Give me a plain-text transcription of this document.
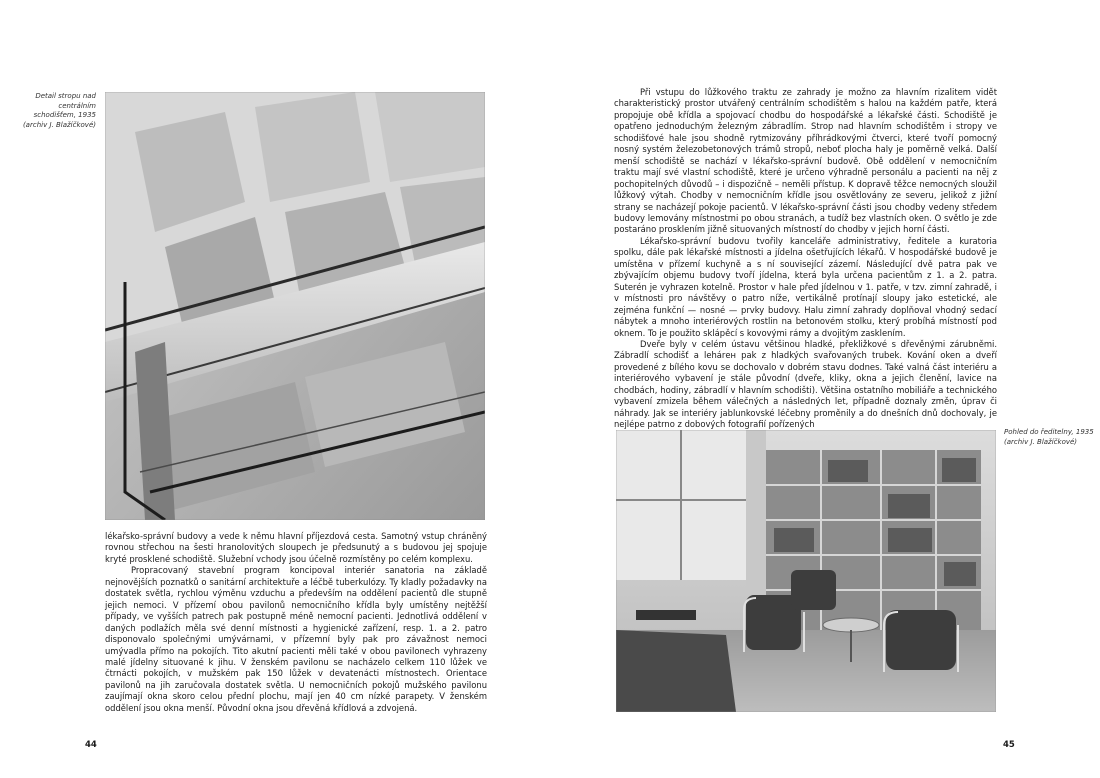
Detail stropu nad centrálním
schodišťem, 1935
(archiv J. Blažíčkové)

lékařsko-správní budovy a vede k němu hlavní příjezdová cesta. Samotný vstup chráněný rovnou střechou na šesti hranolovitých sloupech je předsunutý a s budovou jej spojuje kryté prosklené schodiště. Služební vchody jsou účelně rozmístěny po celém komplexu.

Propracovaný stavební program koncipoval interiér sanatoria na základě nejnovějších poznatků o sanitární architektuře a léčbě tuberkulózy. Ty kladly požadavky na dostatek světla, rychlou výměnu vzduchu a především na oddělení pacientů dle stupně jejich nemoci. V přízemí obou pavilonů nemocničního křídla byly umístěny nejtěžší případy, ve vyšších patrech pak postupně méně nemocní pacienti. Jednotlivá oddělení v daných podlažích měla své denní místnosti a hygienické zařízení, resp. 1. a 2. patro disponovalo společnými umývárnami, v přízemní byly pak pro závažnost nemoci umývadla přímo na pokojích. Tito akutní pacienti měli také v obou pavilonech vyhrazeny malé jídelny situované k jihu. V ženském pavilonu se nacházelo celkem 110 lůžek ve čtrnácti pokojích, v mužském pak 150 lůžek v devatenácti místnostech. Orientace pavilonů na jih zaručovala dostatek světla. U nemocničních pokojů mužského pavilonu zaujímají okna skoro celou přední plochu, mají jen 40 cm nízké parapety. V ženském oddělení jsou okna menší. Původní okna jsou dřevěná křídlová a zdvojená.

44

Při vstupu do lůžkového traktu ze zahrady je možno za hlavním rizalitem vidět charakteristický prostor utvářený centrálním schodištěm s halou na každém patře, která propojuje obě křídla a spojovací chodbu do hospodářské a lékařské části. Schodiště je opatřeno jednoduchým železným zábradlím. Strop nad hlavním schodištěm i stropy ve schodišťové hale jsou shodně rytmizovány příhrádkovými čtverci, které tvoří pomocný nosný systém železobetonových trámů stropů, neboť plocha haly je poměrně velká. Další menší schodiště se nachází v lékařsko-správní budově. Obě oddělení v nemocničním traktu mají své vlastní schodiště, které je určeno výhradně personálu a pacienti na něj z pochopitelných důvodů – i dispozičně – neměli přístup. K dopravě těžce nemocných sloužil lůžkový výtah. Chodby v nemocničním křídle jsou osvětlovány ze severu, jelikož z jižní strany se nacházejí pokoje pacientů. V lékařsko-správní části jsou chodby vedeny středem budovy lemovány místnostmi po obou stranách, a tudíž bez vlastních oken. O světlo je zde postaráno prosklením jižně situovaných místností do chodby v jejich horní části.

Lékařsko-správní budovu tvořily kanceláře administrativy, ředitele a kuratoria spolku, dále pak lékařské místnosti a jídelna ošetřujících lékařů. V hospodářské budově je umístěna v přízemí kuchyně a s ní související zázemí. Následující dvě patra pak ve zbývajícím objemu budovy tvoří jídelna, která byla určena pacientům z 1. a 2. patra. Suterén je vyhrazen kotelně. Prostor v hale před jídelnou v 1. patře, v tzv. zimní zahradě, i v místnosti pro návštěvy o patro níže, vertikálně protínají sloupy jako estetické, ale zejména funkční — nosné — prvky budovy. Halu zimní zahrady doplňoval vhodný sedací nábytek a mnoho interiérových rostlin na betonovém stolku, který probíhá místností pod oknem. To je použito sklápěcí s kovovými rámy a dvojitým zasklením.

Dveře byly v celém ústavu většinou hladké, překližkové s dřevěnými zárubněmi. Zábradlí schodišť a lehárен pak z hladkých svařovaných trubek. Kování oken a dveří provedené z bílého kovu se dochovalo v dobrém stavu dodnes. Také valná část interiéru a interiérového vybavení je stále původní (dveře, kliky, okna a jejich členění, lavice na chodbách, hodiny, zábradlí v hlavním schodišti). Většina ostatního mobiliáře a technického vybavení zmizela během válečných a následných let, případně doznaly změn, úprav či náhrady. Jak se interiéry jablunkovské léčebny proměnily a do dnešních dnů dochovaly, je nejlépe patrno z dobových fotografií pořízených

Pohled do ředitelny, 1935
(archiv J. Blažíčkové)
45
